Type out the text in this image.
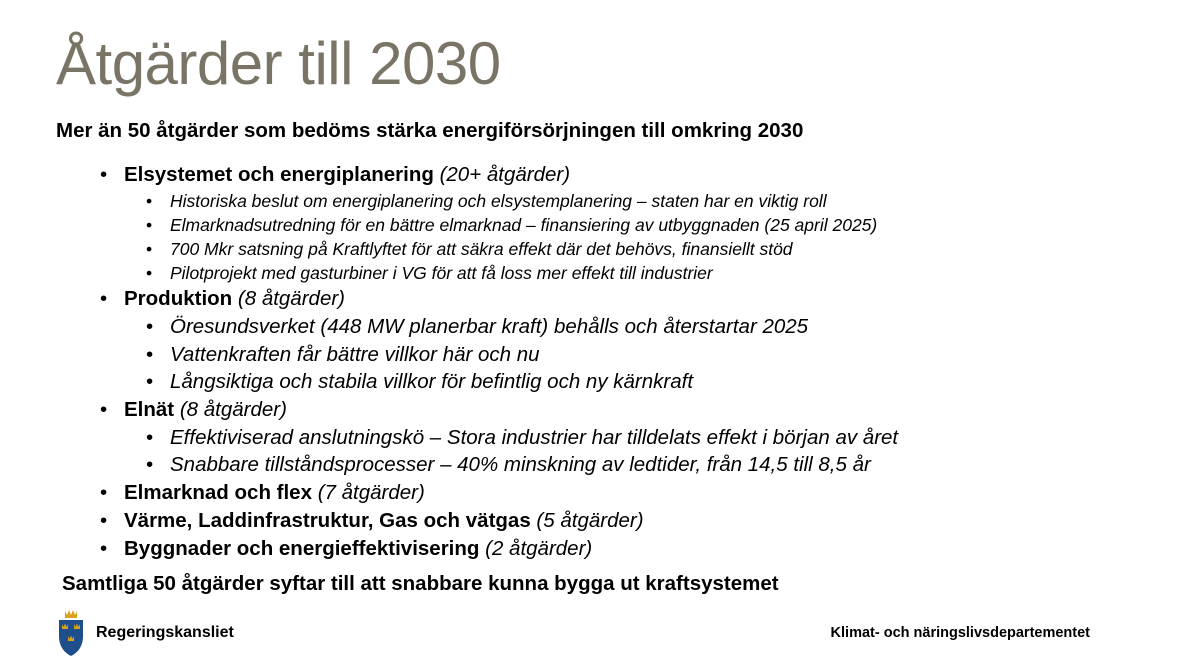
Åtgärder till 2030
Mer än 50 åtgärder som bedöms stärka energiförsörjningen till omkring 2030
• Elsystemet och energiplanering (20+ åtgärder)
• Historiska beslut om energiplanering och elsystemplanering – staten har en viktig roll
• Elmarknadsutredning för en bättre elmarknad – finansiering av utbyggnaden (25 april 2025)
• 700 Mkr satsning på Kraftlyftet för att säkra effekt där det behövs, finansiellt stöd
• Pilotprojekt med gasturbiner i VG för att få loss mer effekt till industrier
• Produktion (8 åtgärder)
• Öresundsverket (448 MW planerbar kraft) behålls och återstartar 2025
• Vattenkraften får bättre villkor här och nu
• Långsiktiga och stabila villkor för befintlig och ny kärnkraft
• Elnät (8 åtgärder)
• Effektiviserad anslutningskö – Stora industrier har tilldelats effekt i början av året
• Snabbare tillståndsprocesser – 40% minskning av ledtider, från 14,5 till 8,5 år
• Elmarknad och flex (7 åtgärder)
• Värme, Laddinfrastruktur, Gas och vätgas (5 åtgärder)
• Byggnader och energieffektivisering (2 åtgärder)
Samtliga 50 åtgärder syftar till att snabbare kunna bygga ut kraftsystemet
Regeringskansliet	Klimat- och näringslivsdepartementet
